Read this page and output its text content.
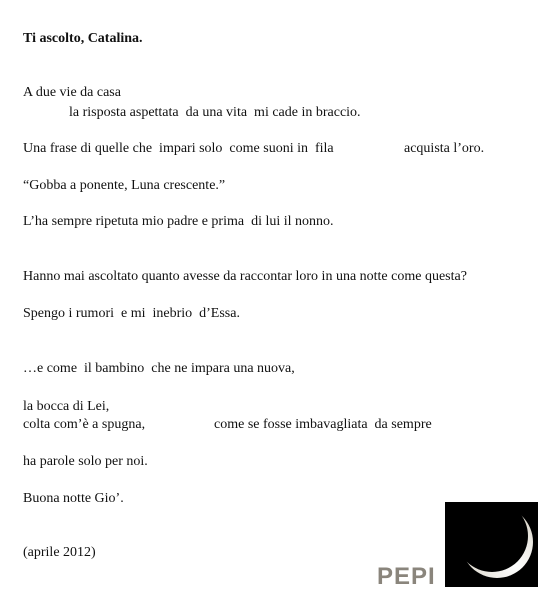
Ti ascolto, Catalina.
A due vie da casa
la risposta aspettata  da una vita  mi cade in braccio.
Una frase di quelle che  impari solo  come suoni in  fila	acquista l’oro.
“Gobba a ponente, Luna crescente.”
L’ha sempre ripetuta mio padre e prima  di lui il nonno.
Hanno mai ascoltato quanto avesse da raccontar loro in una notte come questa?
Spengo i rumori  e mi  inebrio  d’Essa.
…e come  il bambino  che ne impara una nuova,
la bocca di Lei,
colta com’è a spugna,	come se fosse imbavagliata  da sempre
ha parole solo per noi.
Buona notte Gio’.
(aprile 2012)
PEPI
